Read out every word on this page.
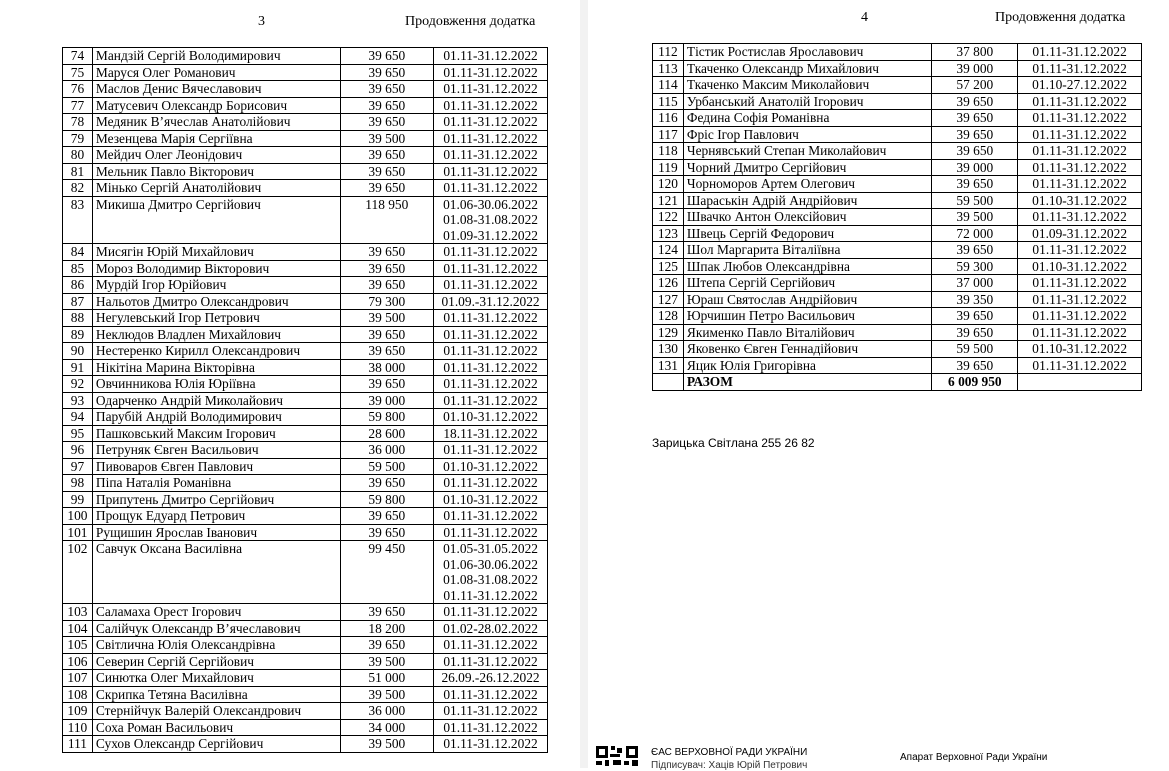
3	Продовження додатка
74	Мандзій Сергій Володимирович	39 650	01.11-31.12.2022

75	Маруся Олег Романович	39 650	01.11-31.12.2022

76	Маслов Денис Вячеславович	39 650	01.11-31.12.2022

77	Матусевич Олександр Борисович	39 650	01.11-31.12.2022

78	Медяник В’ячеслав Анатолійович	39 650	01.11-31.12.2022

79	Мезенцева Марія Сергіївна	39 500	01.11-31.12.2022

80	Мейдич Олег Леонідович	39 650	01.11-31.12.2022

81	Мельник Павло Вікторович	39 650	01.11-31.12.2022

82	Мінько Сергій Анатолійович	39 650	01.11-31.12.2022

83	Микиша Дмитро Сергійович	118 950	01.06-30.06.2022
01.08-31.08.2022
01.09-31.12.2022

84	Мисягін Юрій Михайлович	39 650	01.11-31.12.2022

85	Мороз Володимир Вікторович	39 650	01.11-31.12.2022

86	Мурдій Ігор Юрійович	39 650	01.11-31.12.2022

87	Нальотов Дмитро Олександрович	79 300	01.09.-31.12.2022

88	Негулевський Ігор Петрович	39 500	01.11-31.12.2022

89	Неклюдов Владлен Михайлович	39 650	01.11-31.12.2022

90	Нестеренко Кирилл Олександрович	39 650	01.11-31.12.2022

91	Нікітіна Марина Вікторівна	38 000	01.11-31.12.2022

92	Овчинникова Юлія Юріївна	39 650	01.11-31.12.2022

93	Одарченко Андрій Миколайович	39 000	01.11-31.12.2022

94	Парубій Андрій Володимирович	59 800	01.10-31.12.2022

95	Пашковський Максим Ігорович	28 600	18.11-31.12.2022

96	Петруняк Євген Васильович	36 000	01.11-31.12.2022

97	Пивоваров Євген Павлович	59 500	01.10-31.12.2022

98	Піпа Наталія Романівна	39 650	01.11-31.12.2022

99	Припутень Дмитро Сергійович	59 800	01.10-31.12.2022

100	Прощук Едуард Петрович	39 650	01.11-31.12.2022

101	Рущишин Ярослав Іванович	39 650	01.11-31.12.2022

102	Савчук Оксана Василівна	99 450	01.05-31.05.2022
01.06-30.06.2022
01.08-31.08.2022
01.11-31.12.2022

103	Саламаха Орест Ігорович	39 650	01.11-31.12.2022

104	Салійчук Олександр В’ячеславович	18 200	01.02-28.02.2022

105	Світлична Юлія Олександрівна	39 650	01.11-31.12.2022

106	Северин Сергій Сергійович	39 500	01.11-31.12.2022

107	Синютка Олег Михайлович	51 000	26.09.-26.12.2022

108	Скрипка Тетяна Василівна	39 500	01.11-31.12.2022

109	Стернійчук Валерій Олександрович	36 000	01.11-31.12.2022

110	Соха Роман Васильович	34 000	01.11-31.12.2022

111	Сухов Олександр Сергійович	39 500	01.11-31.12.2022
4	Продовження додатка
112	Тістик Ростислав Ярославович	37 800	01.11-31.12.2022

113	Ткаченко Олександр Михайлович	39 000	01.11-31.12.2022

114	Ткаченко Максим Миколайович	57 200	01.10-27.12.2022

115	Урбанський Анатолій Ігорович	39 650	01.11-31.12.2022

116	Федина Софія Романівна	39 650	01.11-31.12.2022

117	Фріс Ігор Павлович	39 650	01.11-31.12.2022

118	Чернявський Степан Миколайович	39 650	01.11-31.12.2022

119	Чорний Дмитро Сергійович	39 000	01.11-31.12.2022

120	Чорноморов Артем Олегович	39 650	01.11-31.12.2022

121	Шараськін Адрій Андрійович	59 500	01.10-31.12.2022

122	Швачко Антон Олексійович	39 500	01.11-31.12.2022

123	Швець Сергій Федорович	72 000	01.09-31.12.2022

124	Шол Маргарита Віталіївна	39 650	01.11-31.12.2022

125	Шпак Любов Олександрівна	59 300	01.10-31.12.2022

126	Штепа Сергій Сергійович	37 000	01.11-31.12.2022

127	Юраш Святослав Андрійович	39 350	01.11-31.12.2022

128	Юрчишин Петро Васильович	39 650	01.11-31.12.2022

129	Якименко Павло Віталійович	39 650	01.11-31.12.2022

130	Яковенко Євген Геннадійович	59 500	01.10-31.12.2022

131	Яцик Юлія Григорівна	39 650	01.11-31.12.2022

	РАЗОМ	6 009 950	
Зарицька Світлана 255 26 82
ЄАС ВЕРХОВНОЇ РАДИ УКРАЇНИ
Підписувач: Хаців Юрій Петрович
Апарат Верховної Ради України
